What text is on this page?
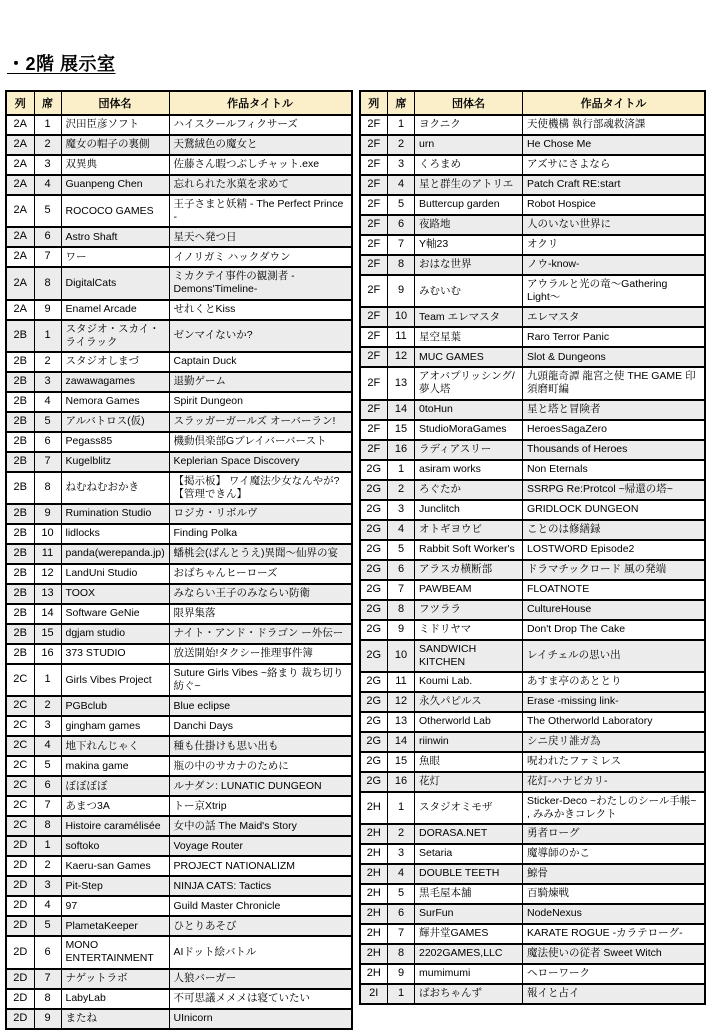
・2階 展示室
列	席	団体名	作品タイトル
2A	1	沢田臣彦ソフト	ハイスクールフィクサーズ
2A	2	魔女の帽子の裏側	天鵞絨色の魔女と
2A	3	双異典	佐藤さん暇つぶしチャット.exe
2A	4	Guanpeng Chen	忘れられた氷菓を求めて
2A	5	ROCOCO GAMES	王子さまと妖精 - The Perfect Prince -
2A	6	Astro Shaft	星天へ発つ日
2A	7	ワー	イノリガミ ハックダウン
2A	8	DigitalCats	ミカクテイ事件の観測者 -Demons'Timeline-
2A	9	Enamel Arcade	せれくとKiss
2B	1	スタジオ・スカイ・ライラック	ゼンマイないか?
2B	2	スタジオしまづ	Captain Duck
2B	3	zawawagames	退勤ゲーム
2B	4	Nemora Games	Spirit Dungeon
2B	5	アルバトロス(仮)	スラッガーガールズ オーバーラン!
2B	6	Pegass85	機動倶楽部Gブレイバーバースト
2B	7	Kugelblitz	Keplerian Space Discovery
2B	8	ねむねむおかき	【掲示板】 ワイ魔法少女なんやが?【管理できん】
2B	9	Rumination Studio	ロジカ・リボルヴ
2B	10	lidlocks	Finding Polka
2B	11	panda(werepanda.jp)	蟠桃会(ばんとうえ)異聞〜仙界の宴
2B	12	LandUni Studio	おばちゃんヒーローズ
2B	13	TOOX	みならい王子のみならい防衛
2B	14	Software GeNie	限界集落
2B	15	dgjam studio	ナイト・アンド・ドラゴン ー外伝ー
2B	16	373 STUDIO	放送開始!タクシー推理事件簿
2C	1	Girls Vibes Project	Suture Girls Vibes ~絡まり 裁ち切り 紡ぐ~
2C	2	PGBclub	Blue eclipse
2C	3	gingham games	Danchi Days
2C	4	地下れんじゃく	種も仕掛けも思い出も
2C	5	makina game	瓶の中のサカナのために
2C	6	ぼぼぼぼ	ルナダン: LUNATIC DUNGEON
2C	7	あまつ3A	トー京Xtrip
2C	8	Histoire caramélisée	女中の話 The Maid's Story
2D	1	softoko	Voyage Router
2D	2	Kaeru-san Games	PROJECT NATIONALIZM
2D	3	Pit-Step	NINJA CATS: Tactics
2D	4	97	Guild Master Chronicle
2D	5	PlametaKeeper	ひとりあそび
2D	6	MONO ENTERTAINMENT	AIドット絵バトル
2D	7	ナゲットラボ	人狼バーガー
2D	8	LabyLab	不可思議メメメは寝ていたい
2D	9	またね	UInicorn
列	席	団体名	作品タイトル
2F	1	ヨクニク	天使機構 執行部魂救済課
2F	2	urn	He Chose Me
2F	3	くろまめ	アズサにさよなら
2F	4	星と群生のアトリエ	Patch Craft RE:start
2F	5	Buttercup garden	Robot Hospice
2F	6	夜路地	人のいない世界に
2F	7	Y軸23	オクリ
2F	8	おはな世界	ノウ-know-
2F	9	みむいむ	アウラルと光の竜〜Gathering Light〜
2F	10	Team エレマスタ	エレマスタ
2F	11	星空星葉	Raro Terror Panic
2F	12	MUC GAMES	Slot & Dungeons
2F	13	アオバプリッシング/夢人塔	九頭龍奇譚 龍宮之使 THE GAME 印須磨町編
2F	14	0toHun	星と塔と冒険者
2F	15	StudioMoraGames	HeroesSagaZero
2F	16	ラディアスリー	Thousands of Heroes
2G	1	asiram works	Non Eternals
2G	2	ろぐたか	SSRPG Re:Protcol ~帰還の塔~
2G	3	Junclitch	GRIDLOCK DUNGEON
2G	4	オトギヨウビ	ことのは修繕録
2G	5	Rabbit Soft Worker's	LOSTWORD Episode2
2G	6	アラスカ横断部	ドラマチックロード 風の発端
2G	7	PAWBEAM	FLOATNOTE
2G	8	フツララ	CultureHouse
2G	9	ミドリヤマ	Don't Drop The Cake
2G	10	SANDWICH KITCHEN	レイチェルの思い出
2G	11	Koumi Lab.	あすま亭のあととり
2G	12	永久パピルス	Erase -missing link-
2G	13	Otherworld Lab	The Otherworld Laboratory
2G	14	riinwin	シニ戻リ誰ガ為
2G	15	魚眼	呪われたファミレス
2G	16	花灯	花灯-ハナビカリ-
2H	1	スタジオミモザ	Sticker-Deco ~わたしのシール手帳~ , みみかきコレクト
2H	2	DORASA.NET	勇者ローグ
2H	3	Setaria	魔導師のかこ
2H	4	DOUBLE TEETH	鯨骨
2H	5	黒毛屋本舗	百騎煉戦
2H	6	SurFun	NodeNexus
2H	7	輝井堂GAMES	KARATE ROGUE -カラテローグ-
2H	8	2202GAMES,LLC	魔法使いの従者 Sweet Witch
2H	9	mumimumi	ヘローワーク
2I	1	ばおちゃんず	報イと占イ
